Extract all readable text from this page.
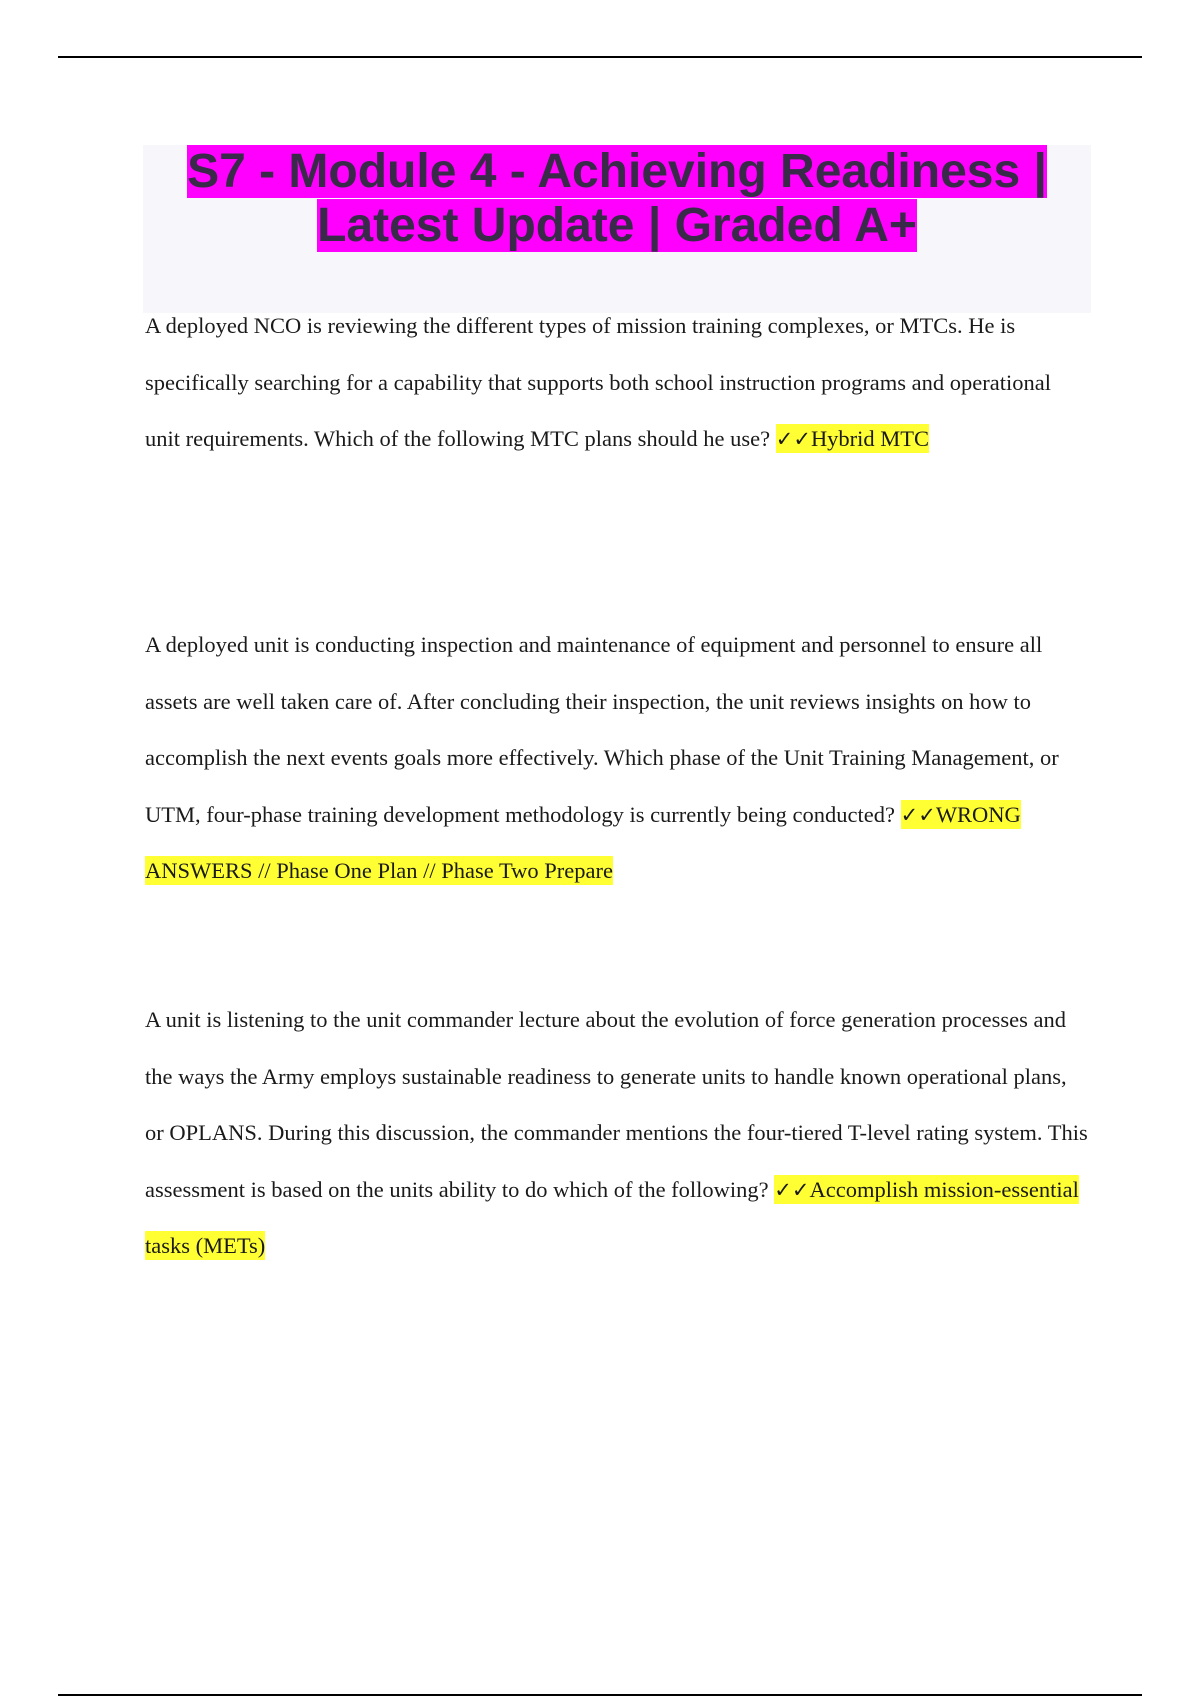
S7 - Module 4 - Achieving Readiness | Latest Update | Graded A+

A deployed NCO is reviewing the different types of mission training complexes, or MTCs. He is specifically searching for a capability that supports both school instruction programs and operational unit requirements. Which of the following MTC plans should he use? ✓✓Hybrid MTC

A deployed unit is conducting inspection and maintenance of equipment and personnel to ensure all assets are well taken care of. After concluding their inspection, the unit reviews insights on how to accomplish the next events goals more effectively. Which phase of the Unit Training Management, or UTM, four-phase training development methodology is currently being conducted? ✓✓WRONG ANSWERS // Phase One Plan // Phase Two Prepare

A unit is listening to the unit commander lecture about the evolution of force generation processes and the ways the Army employs sustainable readiness to generate units to handle known operational plans, or OPLANS. During this discussion, the commander mentions the four-tiered T-level rating system. This assessment is based on the units ability to do which of the following? ✓✓Accomplish mission-essential tasks (METs)
